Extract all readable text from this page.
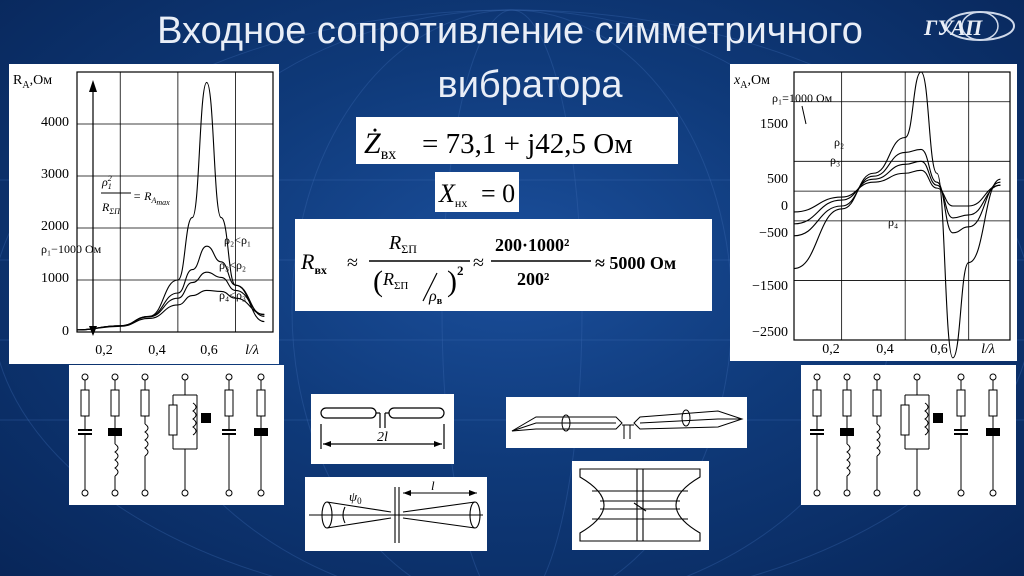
Входное сопротивление симметричного
вибратора
ГУАП
$R_A,Ом$
4000
3000
2000
1000
0
0,2	0,4 0,6 l/λ
$\rho^2$ 1
$R_{\Sigma П}$
= $R_A\max$
ρ₁−1000 Ом
ρ₂<ρ₁
ρ₃<ρ₂
ρ₄<ρ₃
$x_A,Ом$
1500
500
0
−500
−1500
−2500
0,2	0,4	0,6 l/λ
ρ₁=1000 Ом
ρ₂
ρ₃
ρ₄
$Ż_{вх} = 73,1 + j42,5$ Ом
Xнх = 0
$R_{вх}$ ≈
$R_{\Sigma П}$
( $R_{\Sigma П}$
ρв
) 2 ≈
200·1000²
200²
≈ 5000 Ом
2l
$\psi_0$
l
